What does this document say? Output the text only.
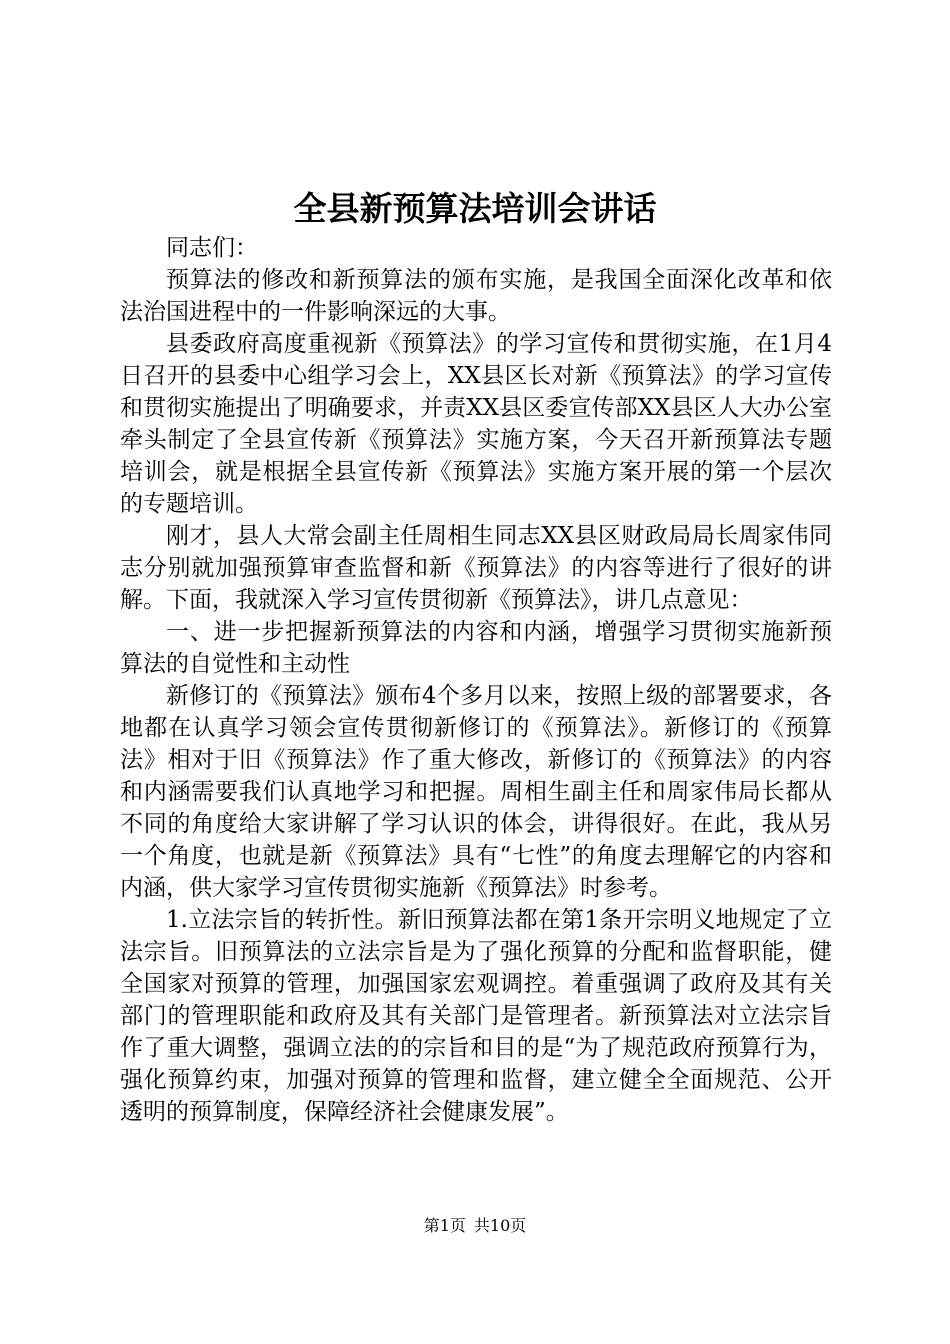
全县新预算法培训会讲话

同志们：

预算法的修改和新预算法的颁布实施，是我国全面深化改革和依法治国进程中的一件影响深远的大事。

县委政府高度重视新《预算法》的学习宣传和贯彻实施，在1月4日召开的县委中心组学习会上，XX县区长对新《预算法》的学习宣传和贯彻实施提出了明确要求，并责XX县区委宣传部XX县区人大办公室牵头制定了全县宣传新《预算法》实施方案，今天召开新预算法专题培训会，就是根据全县宣传新《预算法》实施方案开展的第一个层次的专题培训。

刚才，县人大常会副主任周相生同志XX县区财政局局长周家伟同志分别就加强预算审查监督和新《预算法》的内容等进行了很好的讲解。下面，我就深入学习宣传贯彻新《预算法》，讲几点意见：

一、进一步把握新预算法的内容和内涵，增强学习贯彻实施新预算法的自觉性和主动性

新修订的《预算法》颁布4个多月以来，按照上级的部署要求，各地都在认真学习领会宣传贯彻新修订的《预算法》。新修订的《预算法》相对于旧《预算法》作了重大修改，新修订的《预算法》的内容和内涵需要我们认真地学习和把握。周相生副主任和周家伟局长都从不同的角度给大家讲解了学习认识的体会，讲得很好。在此，我从另一个角度，也就是新《预算法》具有“七性”的角度去理解它的内容和内涵，供大家学习宣传贯彻实施新《预算法》时参考。

1.立法宗旨的转折性。新旧预算法都在第1条开宗明义地规定了立法宗旨。旧预算法的立法宗旨是为了强化预算的分配和监督职能，健全国家对预算的管理，加强国家宏观调控。着重强调了政府及其有关部门的管理职能和政府及其有关部门是管理者。新预算法对立法宗旨作了重大调整，强调立法的的宗旨和目的是“为了规范政府预算行为，强化预算约束，加强对预算的管理和监督，建立健全全面规范、公开透明的预算制度，保障经济社会健康发展”。

第1页 共10页
